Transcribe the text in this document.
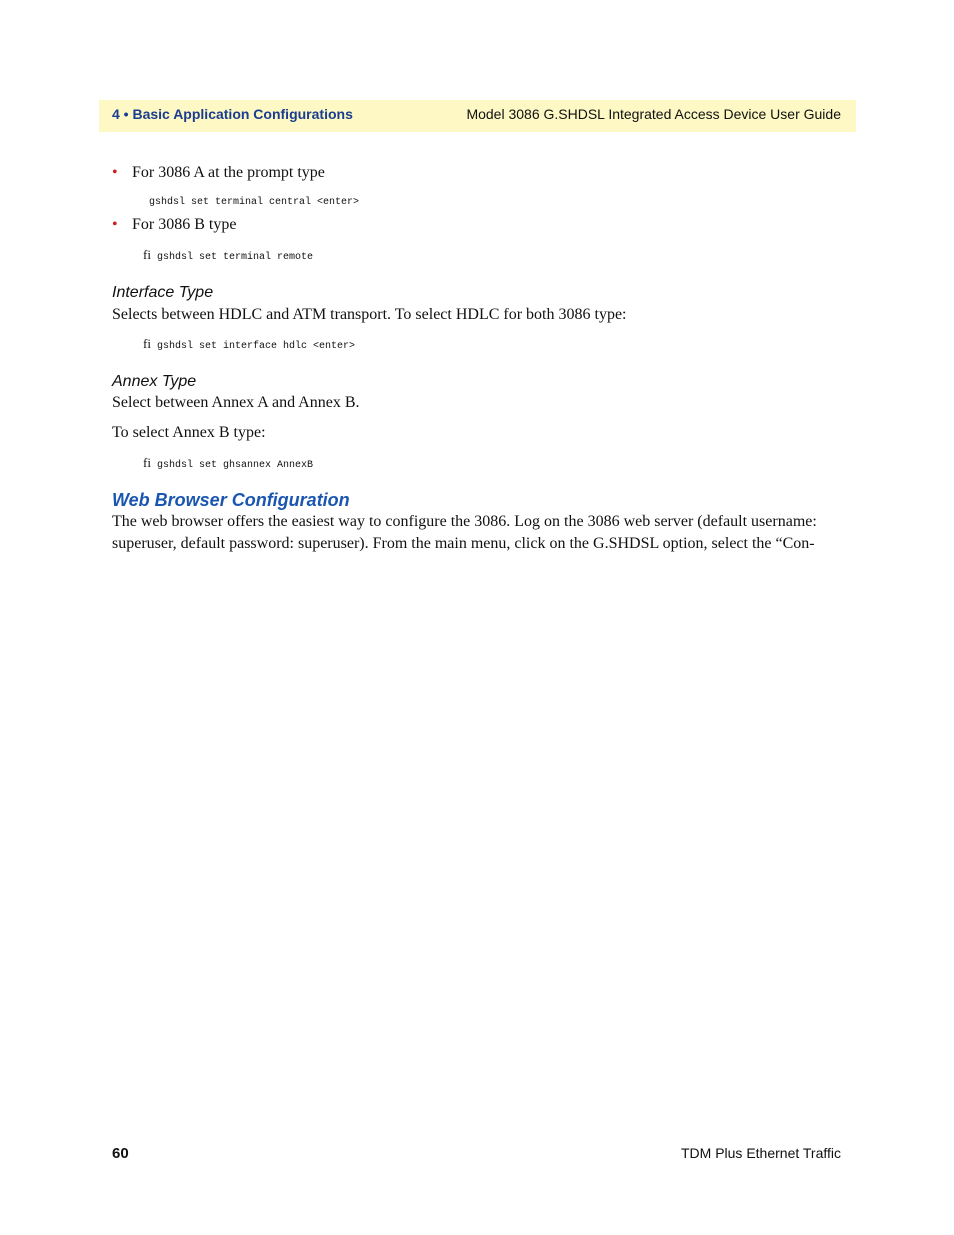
4 • Basic Application Configurations	Model 3086 G.SHDSL Integrated Access Device User Guide
• For 3086 A at the prompt type
gshdsl set terminal central <enter>
• For 3086 B type
fi gshdsl set terminal remote
Interface Type
Selects between HDLC and ATM transport. To select HDLC for both 3086 type:
fi gshdsl set interface hdlc <enter>
Annex Type
Select between Annex A and Annex B.
To select Annex B type:
fi gshdsl set ghsannex AnnexB
Web Browser Configuration
The web browser offers the easiest way to configure the 3086. Log on the 3086 web server (default username: superuser, default password: superuser). From the main menu, click on the G.SHDSL option, select the “Con-
60	TDM Plus Ethernet Traffic
